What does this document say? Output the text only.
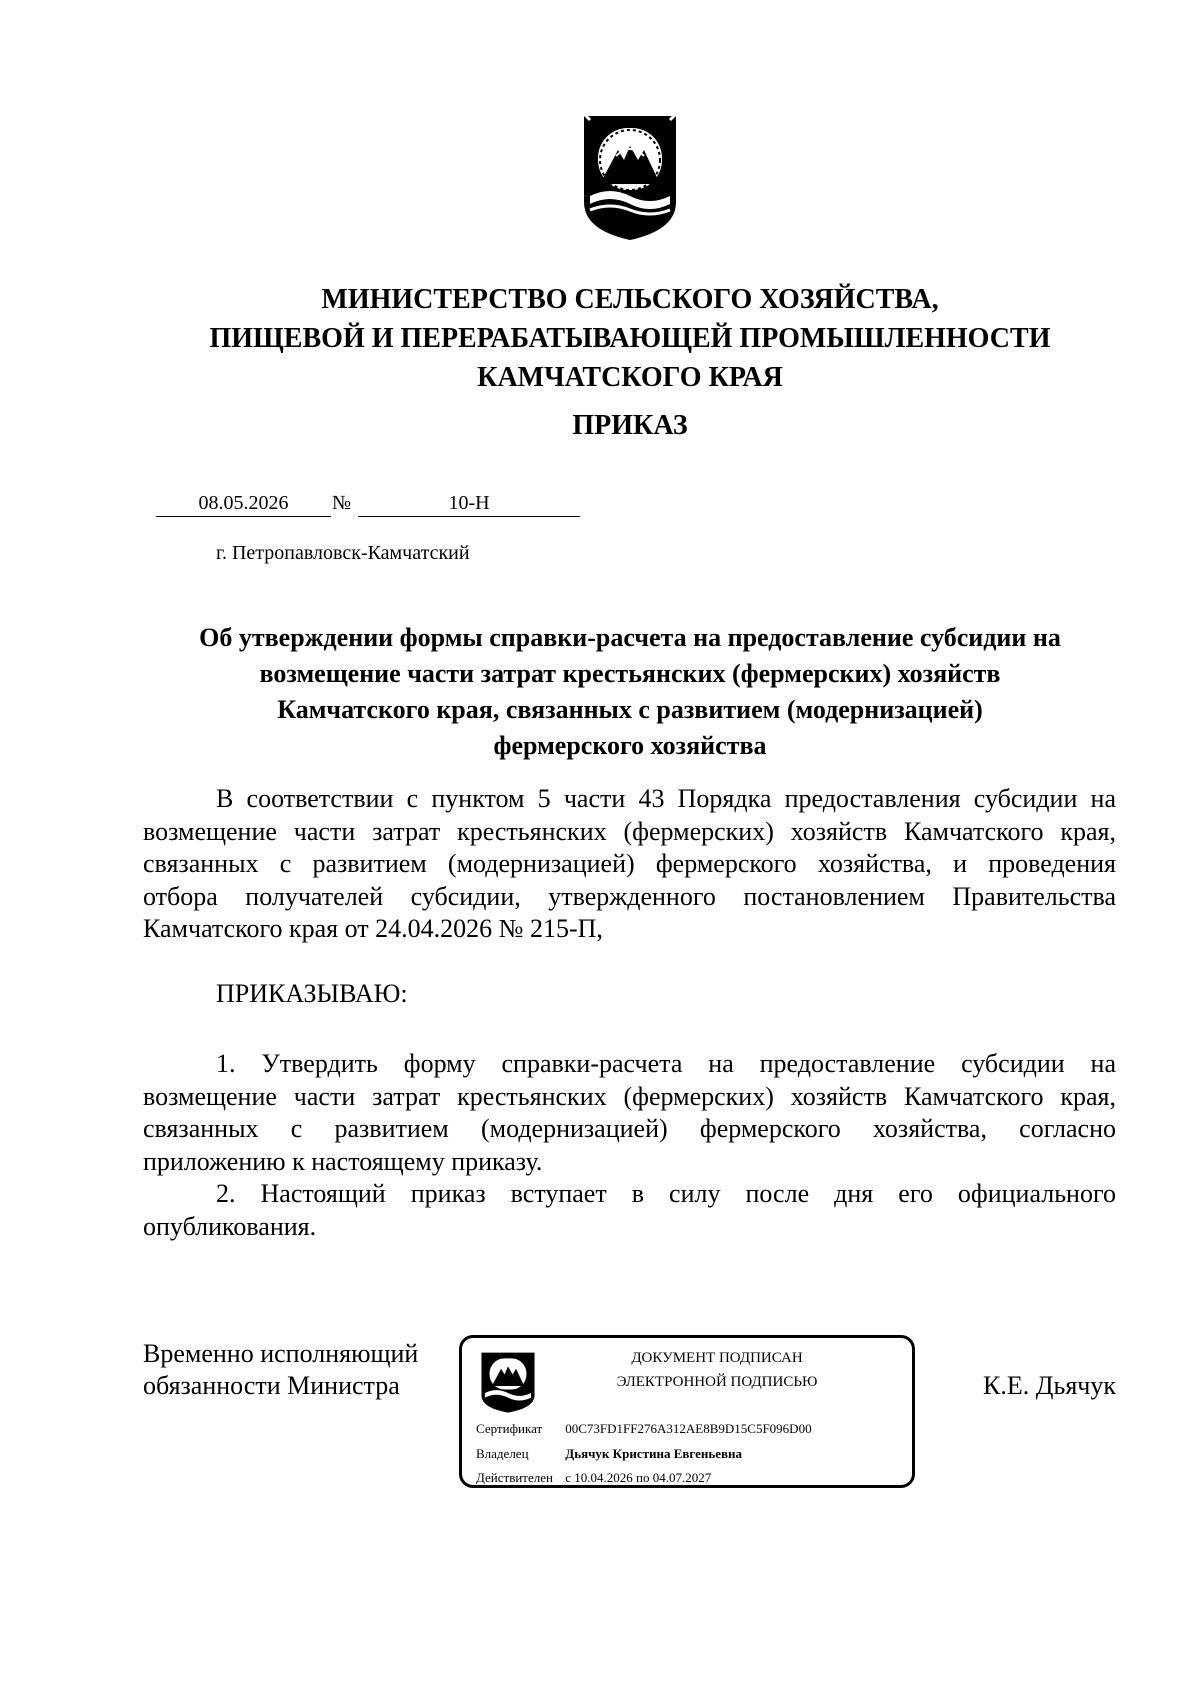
МИНИСТЕРСТВО СЕЛЬСКОГО ХОЗЯЙСТВА,
ПИЩЕВОЙ И ПЕРЕРАБАТЫВАЮЩЕЙ ПРОМЫШЛЕННОСТИ
КАМЧАТСКОГО КРАЯ
ПРИКАЗ
08.05.2026	№	10-Н
г. Петропавловск-Камчатский
Об утверждении формы справки-расчета на предоставление субсидии на
возмещение части затрат крестьянских (фермерских) хозяйств
Камчатского края, связанных с развитием (модернизацией)
фермерского хозяйства
В соответствии с пунктом 5 части 43 Порядка предоставления субсидии на
возмещение части затрат крестьянских (фермерских) хозяйств Камчатского края,
связанных с развитием (модернизацией) фермерского хозяйства, и проведения
отбора получателей субсидии, утвержденного постановлением Правительства
Камчатского края от 24.04.2026 № 215-П,
ПРИКАЗЫВАЮ:
1. Утвердить форму справки-расчета на предоставление субсидии на
возмещение части затрат крестьянских (фермерских) хозяйств Камчатского края,
связанных с развитием (модернизацией) фермерского хозяйства, согласно
приложению к настоящему приказу.
2. Настоящий приказ вступает в силу после дня его официального
опубликования.
Временно исполняющий
обязанности Министра
ДОКУМЕНТ ПОДПИСАН
ЭЛЕКТРОННОЙ ПОДПИСЬЮ
Сертификат 00C73FD1FF276A312AE8B9D15C5F096D00
Владелец	Дьячук Кристина Евгеньевна
Действителен с 10.04.2026 по 04.07.2027
К.Е. Дьячук
